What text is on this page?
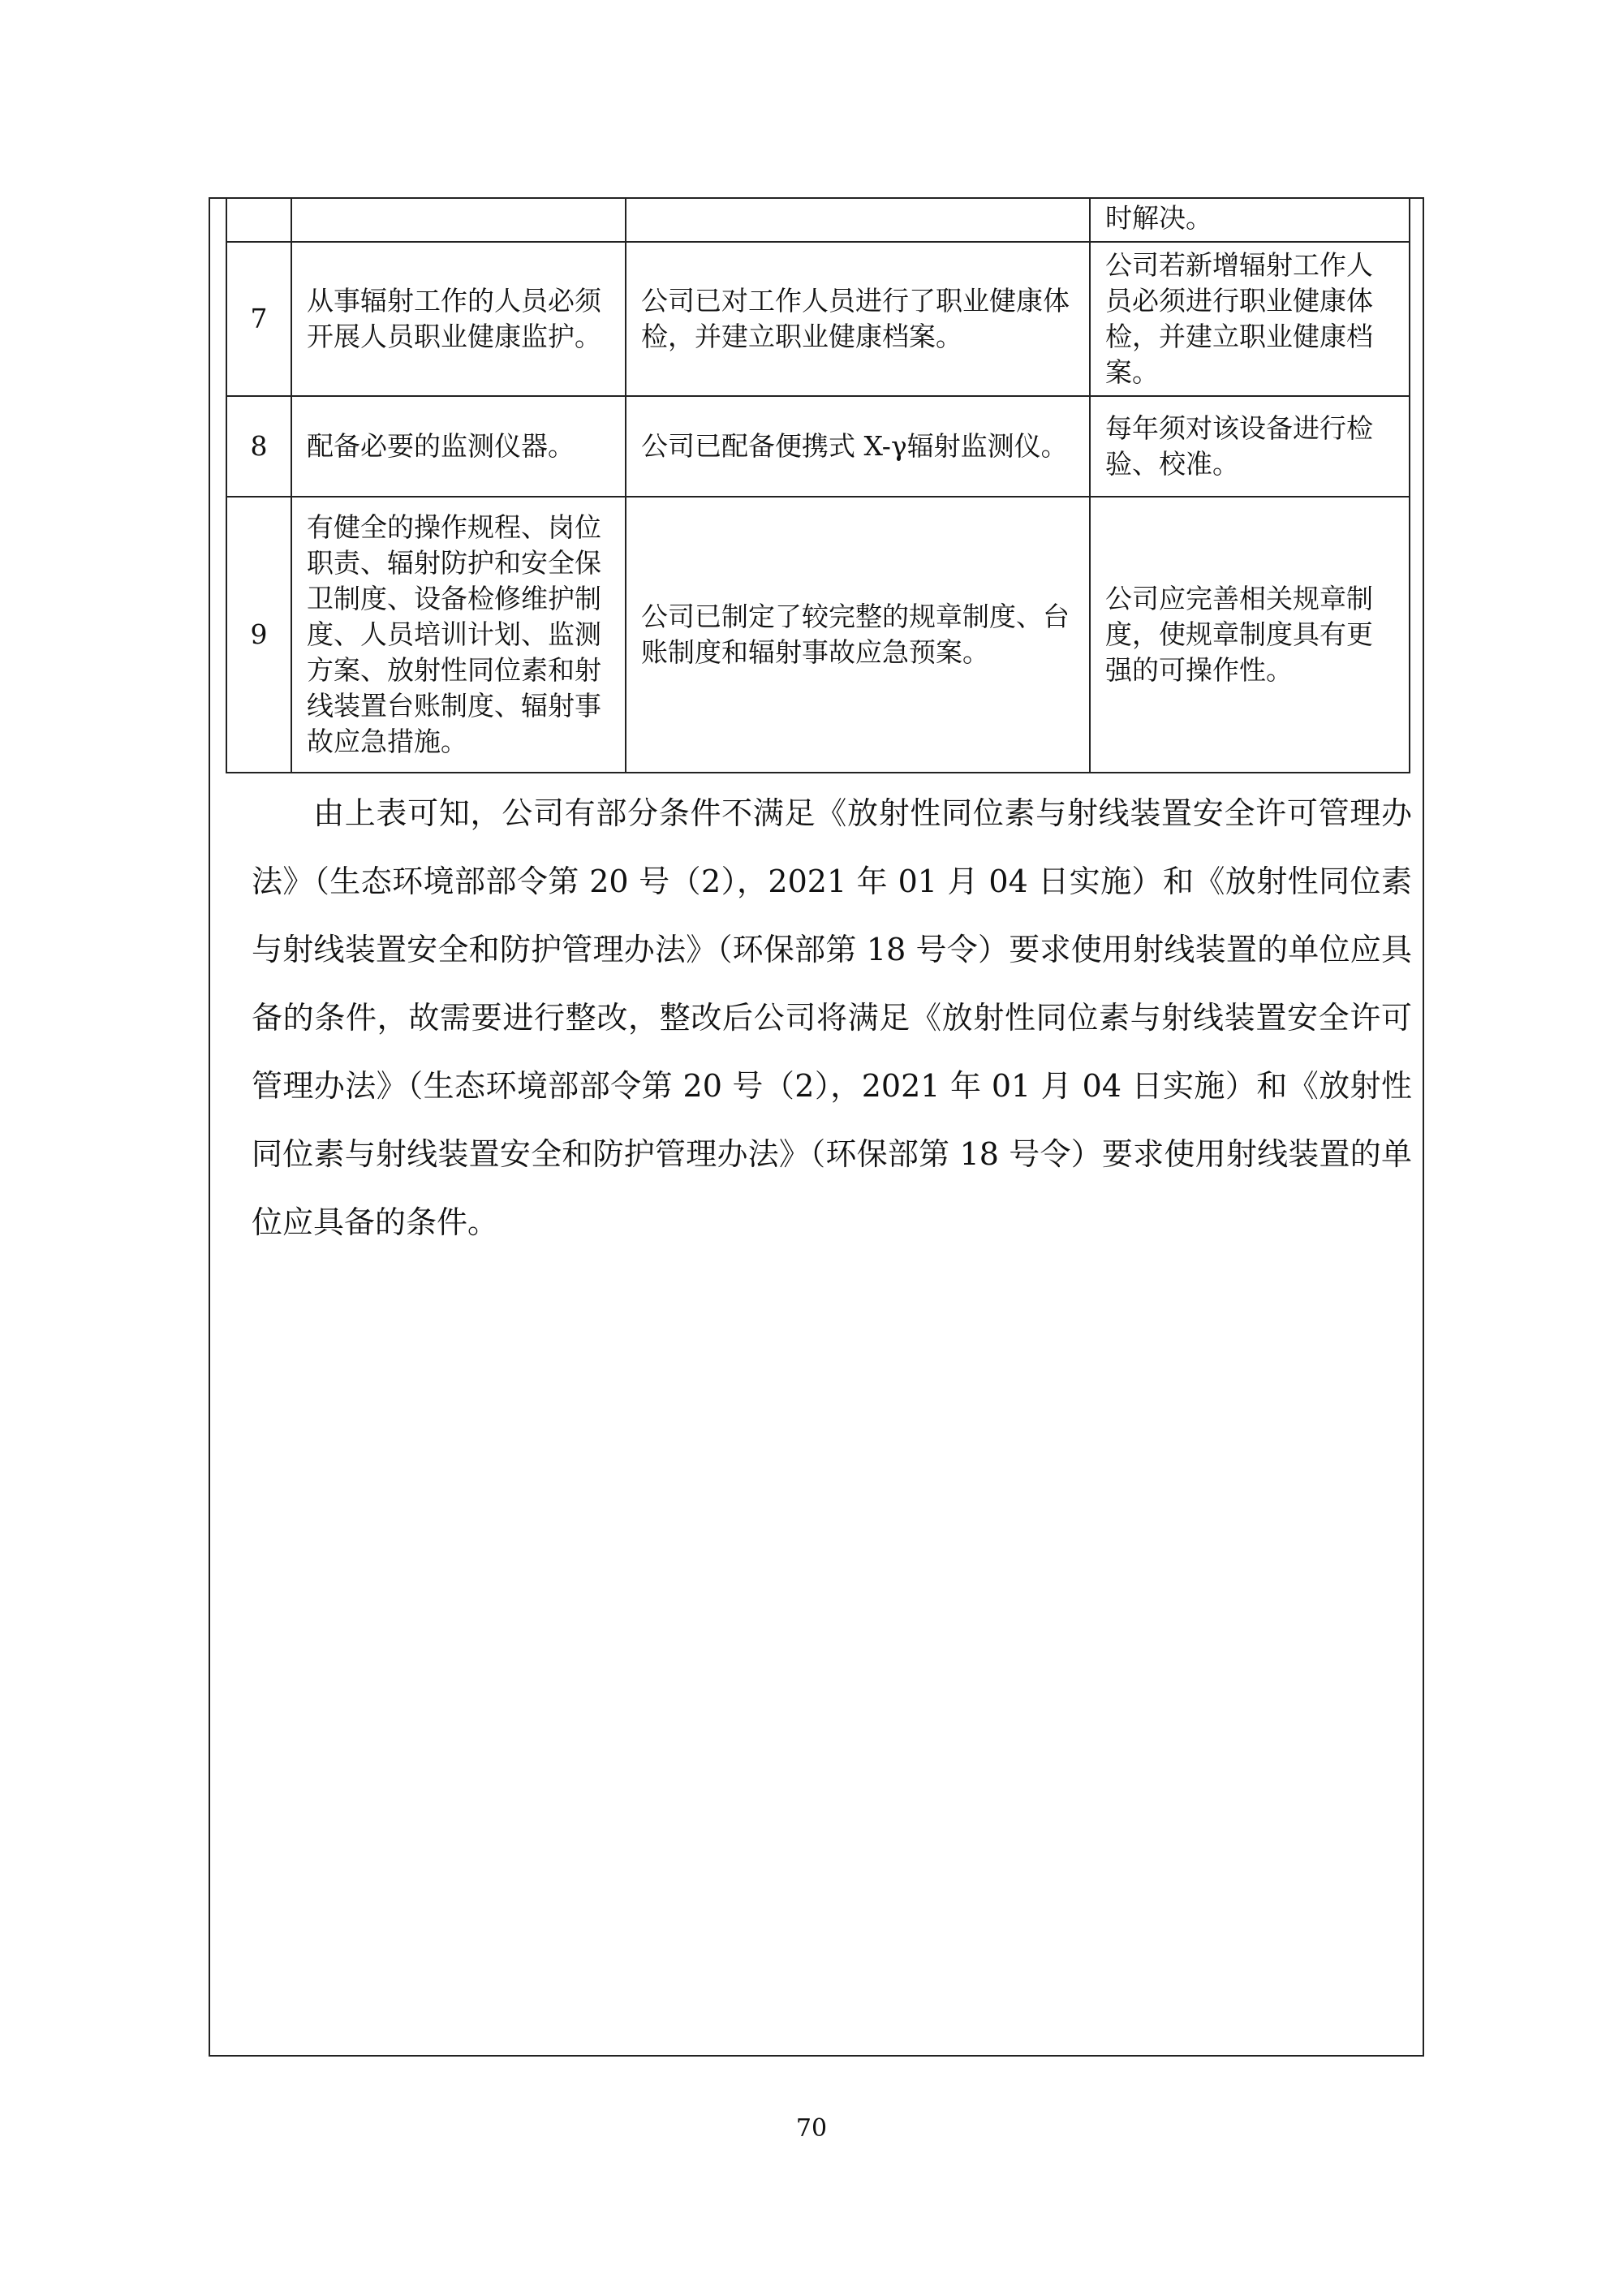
			时解决。
7	从事辐射工作的人员必须开展人员职业健康监护。	公司已对工作人员进行了职业健康体检，并建立职业健康档案。	公司若新增辐射工作人员必须进行职业健康体检，并建立职业健康档案。
8	配备必要的监测仪器。	公司已配备便携式 X-γ辐射监测仪。	每年须对该设备进行检验、校准。
9	有健全的操作规程、岗位职责、辐射防护和安全保卫制度、设备检修维护制度、人员培训计划、监测方案、放射性同位素和射线装置台账制度、辐射事故应急措施。	公司已制定了较完整的规章制度、台账制度和辐射事故应急预案。	公司应完善相关规章制度，使规章制度具有更强的可操作性。

由上表可知，公司有部分条件不满足《放射性同位素与射线装置安全许可管理办法》（生态环境部部令第 20 号（2），2021 年 01 月 04 日实施）和《放射性同位素与射线装置安全和防护管理办法》（环保部第 18 号令）要求使用射线装置的单位应具备的条件，故需要进行整改，整改后公司将满足《放射性同位素与射线装置安全许可管理办法》（生态环境部部令第 20 号（2），2021 年 01 月 04 日实施）和《放射性同位素与射线装置安全和防护管理办法》（环保部第 18 号令）要求使用射线装置的单位应具备的条件。

70
